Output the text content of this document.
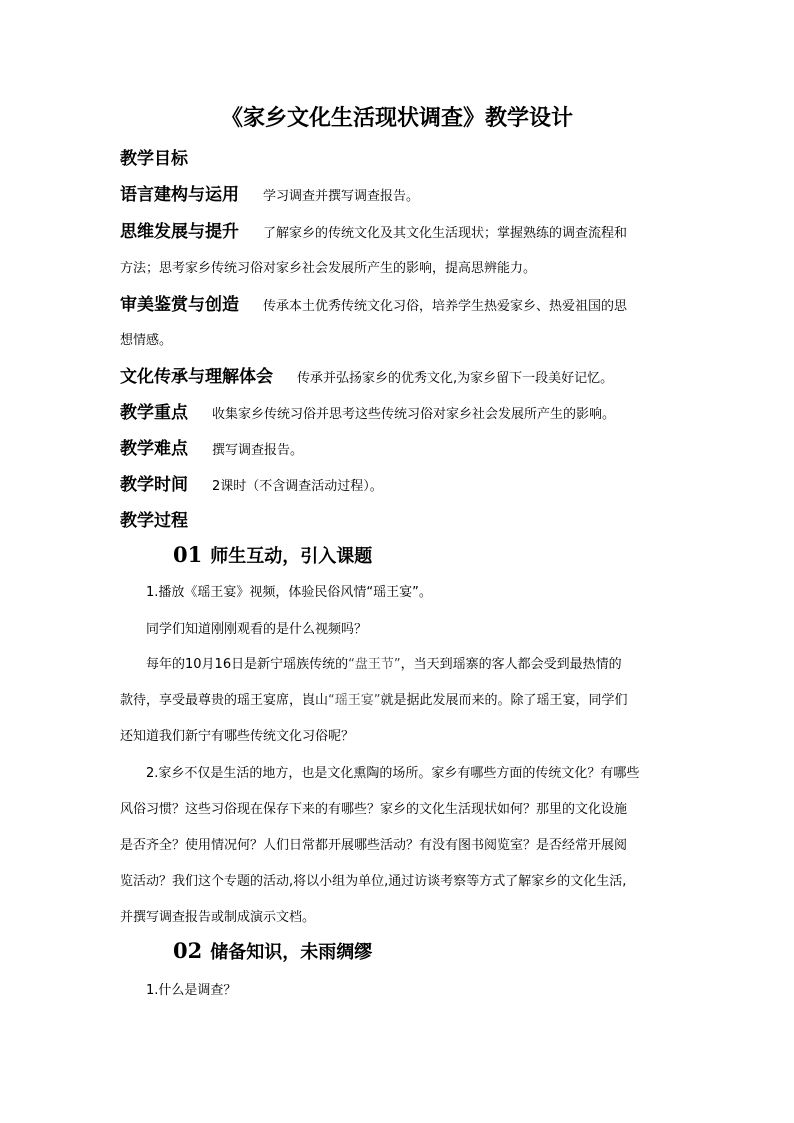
《家乡文化生活现状调查》教学设计
教学目标
语言建构与运用 学习调查并撰写调查报告。
思维发展与提升 了解家乡的传统文化及其文化生活现状；掌握熟练的调查流程和
方法；思考家乡传统习俗对家乡社会发展所产生的影响，提高思辨能力。
审美鉴赏与创造 传承本土优秀传统文化习俗，培养学生热爱家乡、热爱祖国的思
想情感。
文化传承与理解体会 传承并弘扬家乡的优秀文化,为家乡留下一段美好记忆。
教学重点 收集家乡传统习俗并思考这些传统习俗对家乡社会发展所产生的影响。
教学难点 撰写调查报告。
教学时间 2课时（不含调查活动过程）。
教学过程
01 师生互动，引入课题
1.播放《瑶王宴》视频，体验民俗风情“瑶王宴”。
同学们知道刚刚观看的是什么视频吗？
每年的10月16日是新宁瑶族传统的“盘王节”，当天到瑶寨的客人都会受到最热情的
款待，享受最尊贵的瑶王宴席，崀山“瑶王宴”就是据此发展而来的。除了瑶王宴，同学们
还知道我们新宁有哪些传统文化习俗呢？
2.家乡不仅是生活的地方，也是文化熏陶的场所。家乡有哪些方面的传统文化？有哪些
风俗习惯？这些习俗现在保存下来的有哪些？家乡的文化生活现状如何？那里的文化设施
是否齐全？使用情况何？人们日常都开展哪些活动？有没有图书阅览室？是否经常开展阅
览活动？我们这个专题的活动,将以小组为单位,通过访谈考察等方式了解家乡的文化生活,
并撰写调查报告或制成演示文档。
02 储备知识，未雨绸缪
1.什么是调查？
